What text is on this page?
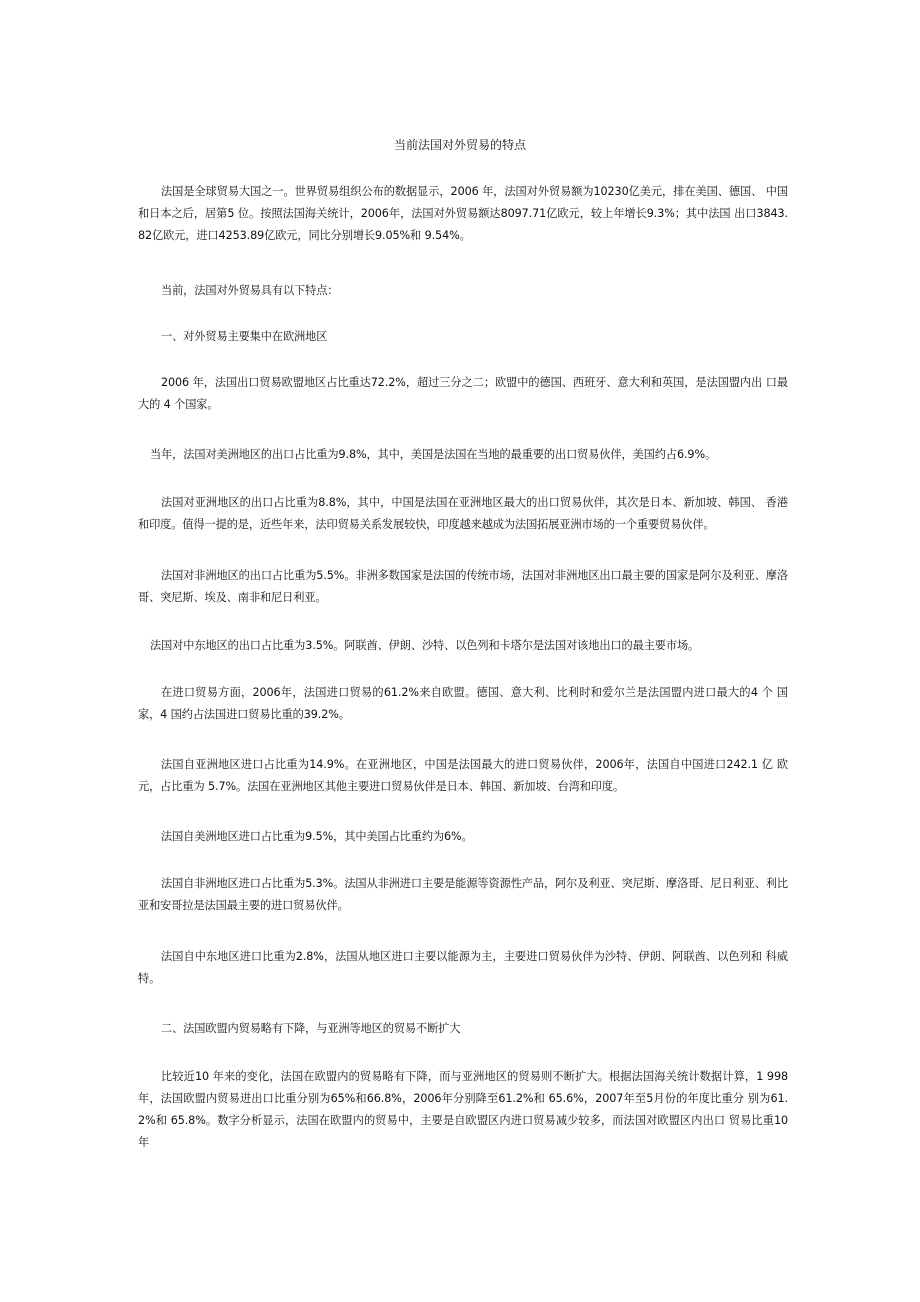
当前法国对外贸易的特点
法国是全球贸易大国之一。世界贸易组织公布的数据显示，2006 年，法国对外贸易额为10230亿美元，排在美国、德国、 中国和日本之后，居第5 位。按照法国海关统计，2006年，法国对外贸易额达8097.71亿欧元，较上年增长9.3%；其中法国 出口3843.82亿欧元，进口4253.89亿欧元，同比分别增长9.05%和 9.54%。
当前，法国对外贸易具有以下特点：
一、对外贸易主要集中在欧洲地区
2006 年，法国出口贸易欧盟地区占比重达72.2%，超过三分之二；欧盟中的德国、西班牙、意大利和英国，是法国盟内出 口最大的 4 个国家。
当年，法国对美洲地区的出口占比重为9.8%，其中，美国是法国在当地的最重要的出口贸易伙伴，美国约占6.9%。
法国对亚洲地区的出口占比重为8.8%，其中，中国是法国在亚洲地区最大的出口贸易伙伴，其次是日本、新加坡、韩国、 香港和印度。值得一提的是，近些年来，法印贸易关系发展较快，印度越来越成为法国拓展亚洲市场的一个重要贸易伙伴。
法国对非洲地区的出口占比重为5.5%。非洲多数国家是法国的传统市场，法国对非洲地区出口最主要的国家是阿尔及利亚、摩洛哥、突尼斯、埃及、南非和尼日利亚。
法国对中东地区的出口占比重为3.5%。阿联酋、伊朗、沙特、以色列和卡塔尔是法国对该地出口的最主要市场。
在进口贸易方面，2006年，法国进口贸易的61.2%来自欧盟。德国、意大利、比利时和爱尔兰是法国盟内进口最大的4 个 国家，4 国约占法国进口贸易比重的39.2%。
法国自亚洲地区进口占比重为14.9%。在亚洲地区，中国是法国最大的进口贸易伙伴，2006年，法国自中国进口242.1 亿 欧元，占比重为 5.7%。法国在亚洲地区其他主要进口贸易伙伴是日本、韩国、新加坡、台湾和印度。
法国自美洲地区进口占比重为9.5%，其中美国占比重约为6%。
法国自非洲地区进口占比重为5.3%。法国从非洲进口主要是能源等资源性产品，阿尔及利亚、突尼斯、摩洛哥、尼日利亚、利比亚和安哥拉是法国最主要的进口贸易伙伴。
法国自中东地区进口比重为2.8%，法国从地区进口主要以能源为主，主要进口贸易伙伴为沙特、伊朗、阿联酋、以色列和 科威特。
二、法国欧盟内贸易略有下降，与亚洲等地区的贸易不断扩大
比较近10 年来的变化，法国在欧盟内的贸易略有下降，而与亚洲地区的贸易则不断扩大。根据法国海关统计数据计算，1 998年，法国欧盟内贸易进出口比重分别为65%和66.8%，2006年分别降至61.2%和 65.6%，2007年至5月份的年度比重分 别为61.2%和 65.8%。数字分析显示，法国在欧盟内的贸易中，主要是自欧盟区内进口贸易减少较多，而法国对欧盟区内出口 贸易比重10年
